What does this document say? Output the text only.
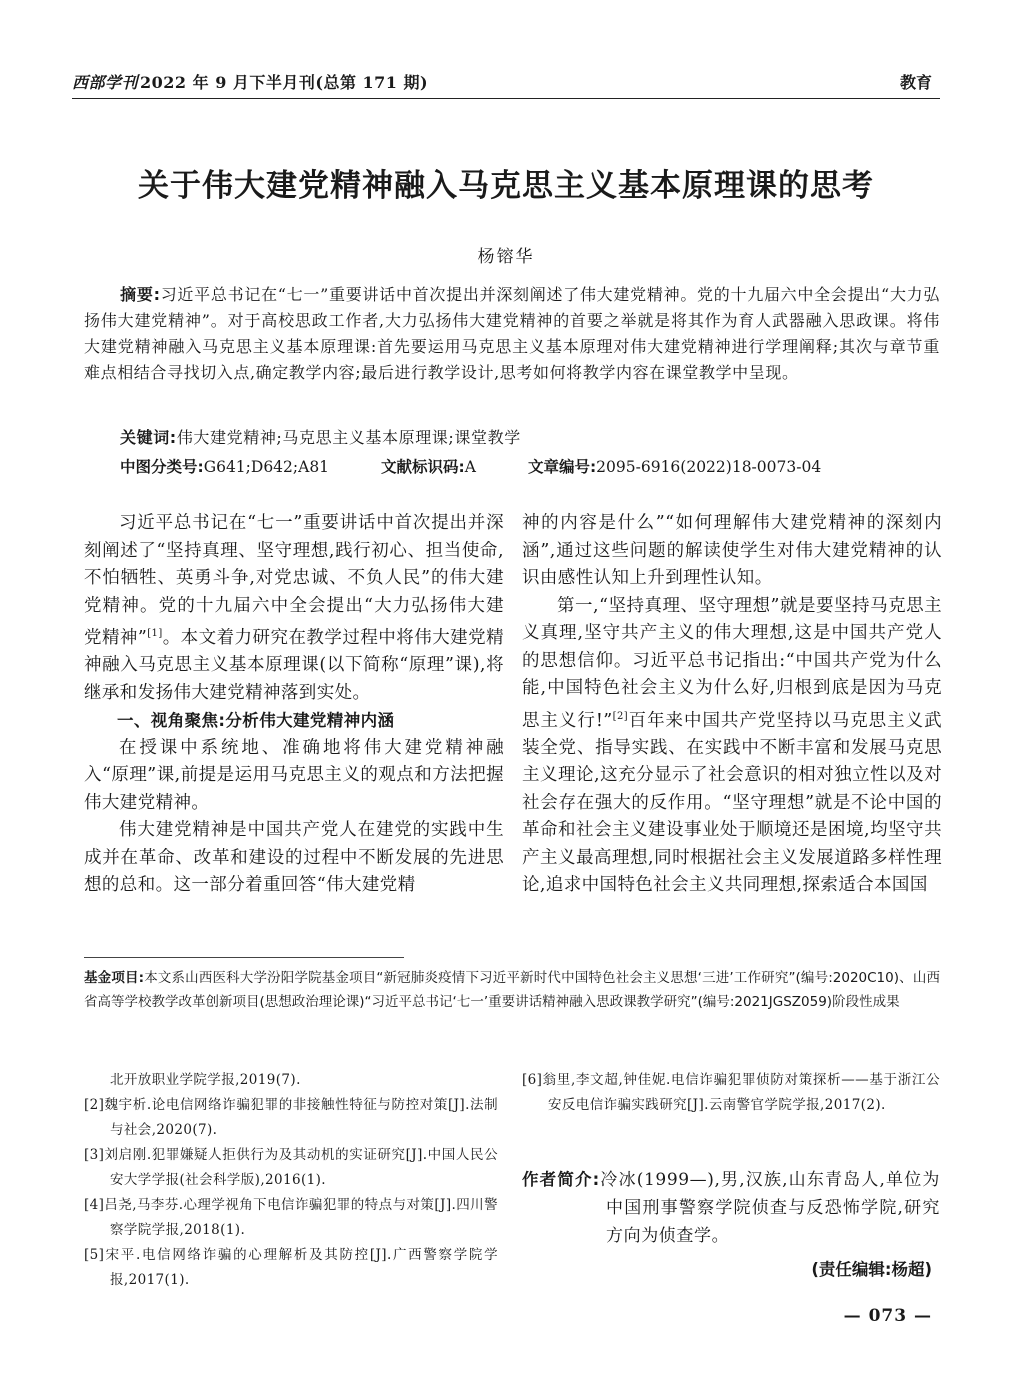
西部学刊 2022 年 9 月下半月刊(总第 171 期)	教育
关于伟大建党精神融入马克思主义基本原理课的思考
杨镕华
摘要:习近平总书记在“七一”重要讲话中首次提出并深刻阐述了伟大建党精神。党的十九届六中全会提出“大力弘扬伟大建党精神”。对于高校思政工作者,大力弘扬伟大建党精神的首要之举就是将其作为育人武器融入思政课。将伟大建党精神融入马克思主义基本原理课:首先要运用马克思主义基本原理对伟大建党精神进行学理阐释;其次与章节重难点相结合寻找切入点,确定教学内容;最后进行教学设计,思考如何将教学内容在课堂教学中呈现。
关键词:伟大建党精神;马克思主义基本原理课;课堂教学
中图分类号:G641;D642;A81	文献标识码:A	文章编号:2095-6916(2022)18-0073-04

习近平总书记在“七一”重要讲话中首次提出并深刻阐述了“坚持真理、坚守理想,践行初心、担当使命,不怕牺牲、英勇斗争,对党忠诚、不负人民”的伟大建党精神。党的十九届六中全会提出“大力弘扬伟大建党精神”[1]。本文着力研究在教学过程中将伟大建党精神融入马克思主义基本原理课(以下简称“原理”课),将继承和发扬伟大建党精神落到实处。

一、视角聚焦:分析伟大建党精神内涵

在授课中系统地、准确地将伟大建党精神融入“原理”课,前提是运用马克思主义的观点和方法把握伟大建党精神。

伟大建党精神是中国共产党人在建党的实践中生成并在革命、改革和建设的过程中不断发展的先进思想的总和。这一部分着重回答“伟大建党精

神的内容是什么”“如何理解伟大建党精神的深刻内涵”,通过这些问题的解读使学生对伟大建党精神的认识由感性认知上升到理性认知。

第一,“坚持真理、坚守理想”就是要坚持马克思主义真理,坚守共产主义的伟大理想,这是中国共产党人的思想信仰。习近平总书记指出:“中国共产党为什么能,中国特色社会主义为什么好,归根到底是因为马克思主义行!”[2]百年来中国共产党坚持以马克思主义武装全党、指导实践、在实践中不断丰富和发展马克思主义理论,这充分显示了社会意识的相对独立性以及对社会存在强大的反作用。“坚守理想”就是不论中国的革命和社会主义建设事业处于顺境还是困境,均坚守共产主义最高理想,同时根据社会主义发展道路多样性理论,追求中国特色社会主义共同理想,探索适合本国国

基金项目:本文系山西医科大学汾阳学院基金项目“新冠肺炎疫情下习近平新时代中国特色社会主义思想‘三进’工作研究”(编号:2020C10)、山西省高等学校教学改革创新项目(思想政治理论课)“习近平总书记‘七一’重要讲话精神融入思政课教学研究”(编号:2021JGSZ059)阶段性成果

北开放职业学院学报,2019(7).

[2]魏宇析.论电信网络诈骗犯罪的非接触性特征与防控对策[J].法制与社会,2020(7).

[3]刘启刚.犯罪嫌疑人拒供行为及其动机的实证研究[J].中国人民公安大学学报(社会科学版),2016(1).

[4]吕尧,马李芬.心理学视角下电信诈骗犯罪的特点与对策[J].四川警察学院学报,2018(1).

[5]宋平.电信网络诈骗的心理解析及其防控[J].广西警察学院学报,2017(1).

[6]翁里,李文超,钟佳妮.电信诈骗犯罪侦防对策探析——基于浙江公安反电信诈骗实践研究[J].云南警官学院学报,2017(2).

作者简介:冷冰(1999—),男,汉族,山东青岛人,单位为中国刑事警察学院侦查与反恐怖学院,研究方向为侦查学。

(责任编辑:杨超)
— 073 —
